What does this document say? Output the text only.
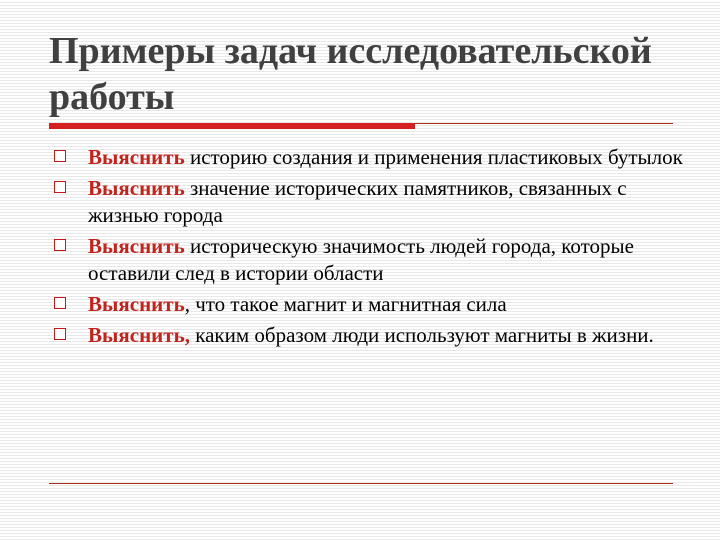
Примеры задач исследовательской работы
Выяснить историю создания и применения пластиковых бутылок
Выяснить значение исторических памятников, связанных с жизнью города
Выяснить историческую значимость людей города, которые оставили след в истории области
Выяснить, что такое магнит и магнитная сила
Выяснить, каким образом люди используют магниты в жизни.
